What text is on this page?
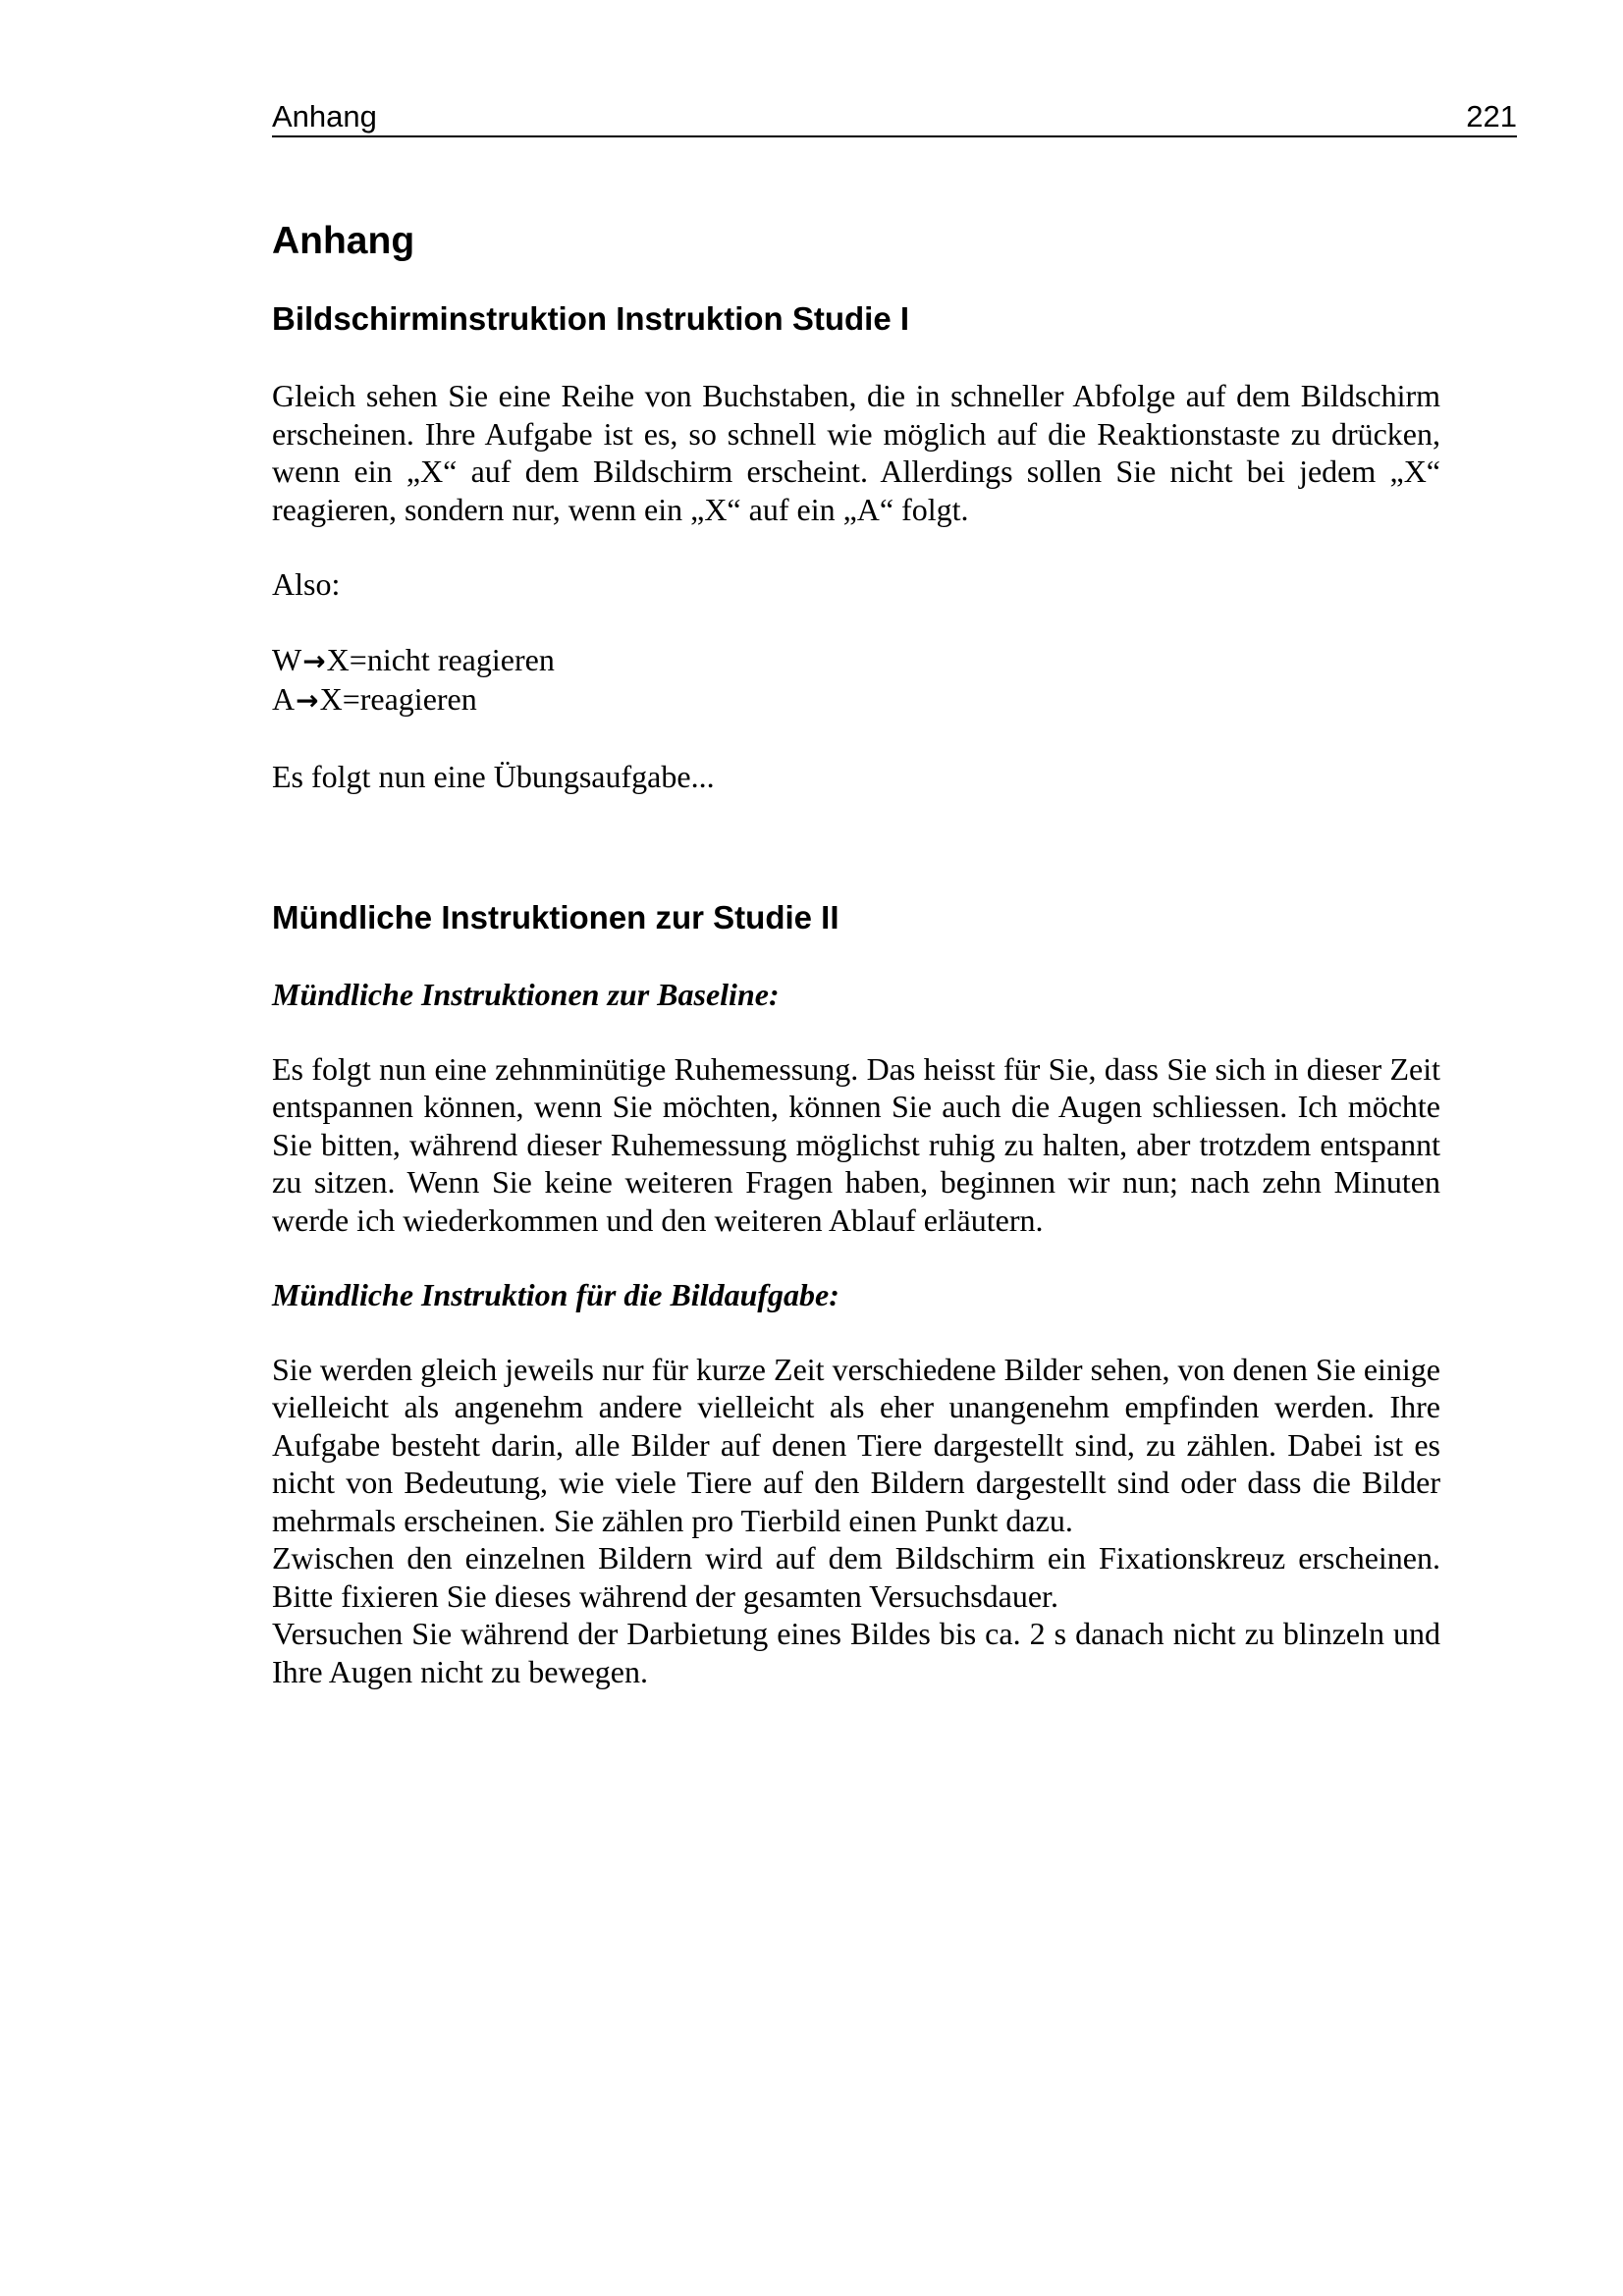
Anhang	221
Anhang
Bildschirminstruktion Instruktion Studie I

Gleich sehen Sie eine Reihe von Buchstaben, die in schneller Abfolge auf dem Bildschirm erscheinen. Ihre Aufgabe ist es, so schnell wie möglich auf die Reaktionstaste zu drücken, wenn ein „X“ auf dem Bildschirm erscheint. Allerdings sollen Sie nicht bei jedem „X“ reagieren, sondern nur, wenn ein „X“ auf ein „A“ folgt.

Also:

W→X=nicht reagieren
A→X=reagieren

Es folgt nun eine Übungsaufgabe...

Mündliche Instruktionen zur Studie II
Mündliche Instruktionen zur Baseline:

Es folgt nun eine zehnminütige Ruhemessung. Das heisst für Sie, dass Sie sich in dieser Zeit entspannen können, wenn Sie möchten, können Sie auch die Augen schliessen. Ich möchte Sie bitten, während dieser Ruhemessung möglichst ruhig zu halten, aber trotzdem entspannt zu sitzen. Wenn Sie keine weiteren Fragen haben, beginnen wir nun; nach zehn Minuten werde ich wiederkommen und den weiteren Ablauf erläutern.

Mündliche Instruktion für die Bildaufgabe:

Sie werden gleich jeweils nur für kurze Zeit verschiedene Bilder sehen, von denen Sie einige vielleicht als angenehm andere vielleicht als eher unangenehm empfinden werden. Ihre Aufgabe besteht darin, alle Bilder auf denen Tiere dargestellt sind, zu zählen. Dabei ist es nicht von Bedeutung, wie viele Tiere auf den Bildern dargestellt sind oder dass die Bilder mehrmals erscheinen. Sie zählen pro Tierbild einen Punkt dazu.
Zwischen den einzelnen Bildern wird auf dem Bildschirm ein Fixationskreuz erscheinen. Bitte fixieren Sie dieses während der gesamten Versuchsdauer.
Versuchen Sie während der Darbietung eines Bildes bis ca. 2 s danach nicht zu blinzeln und Ihre Augen nicht zu bewegen.
